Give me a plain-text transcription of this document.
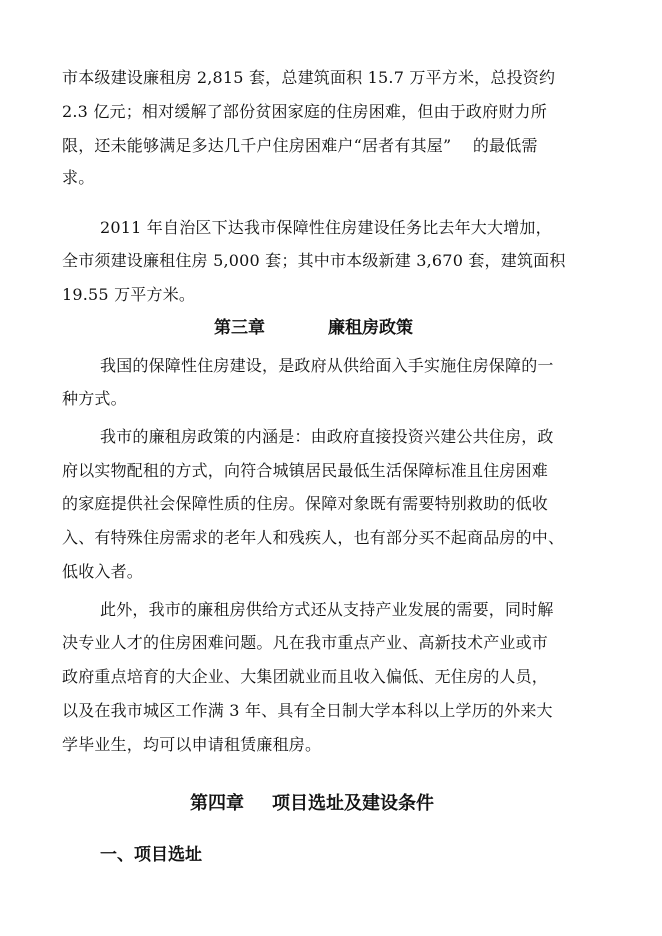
市本级建设廉租房 2,815 套，总建筑面积 15.7 万平方米，总投资约
2.3 亿元；相对缓解了部份贫困家庭的住房困难，但由于政府财力所
限，还未能够满足多达几千户住房困难户“居者有其屋”　 的最低需
求。
2011 年自治区下达我市保障性住房建设任务比去年大大增加，
全市须建设廉租住房 5,000 套；其中市本级新建 3,670 套，建筑面积
19.55 万平方米。
第三章	廉租房政策
我国的保障性住房建设，是政府从供给面入手实施住房保障的一
种方式。
我市的廉租房政策的内涵是：由政府直接投资兴建公共住房，政
府以实物配租的方式，向符合城镇居民最低生活保障标准且住房困难
的家庭提供社会保障性质的住房。保障对象既有需要特别救助的低收
入、有特殊住房需求的老年人和残疾人，也有部分买不起商品房的中、
低收入者。
此外，我市的廉租房供给方式还从支持产业发展的需要，同时解
决专业人才的住房困难问题。凡在我市重点产业、高新技术产业或市
政府重点培育的大企业、大集团就业而且收入偏低、无住房的人员，
以及在我市城区工作满 3 年、具有全日制大学本科以上学历的外来大
学毕业生，均可以申请租赁廉租房。
第四章 项目选址及建设条件
一、项目选址
